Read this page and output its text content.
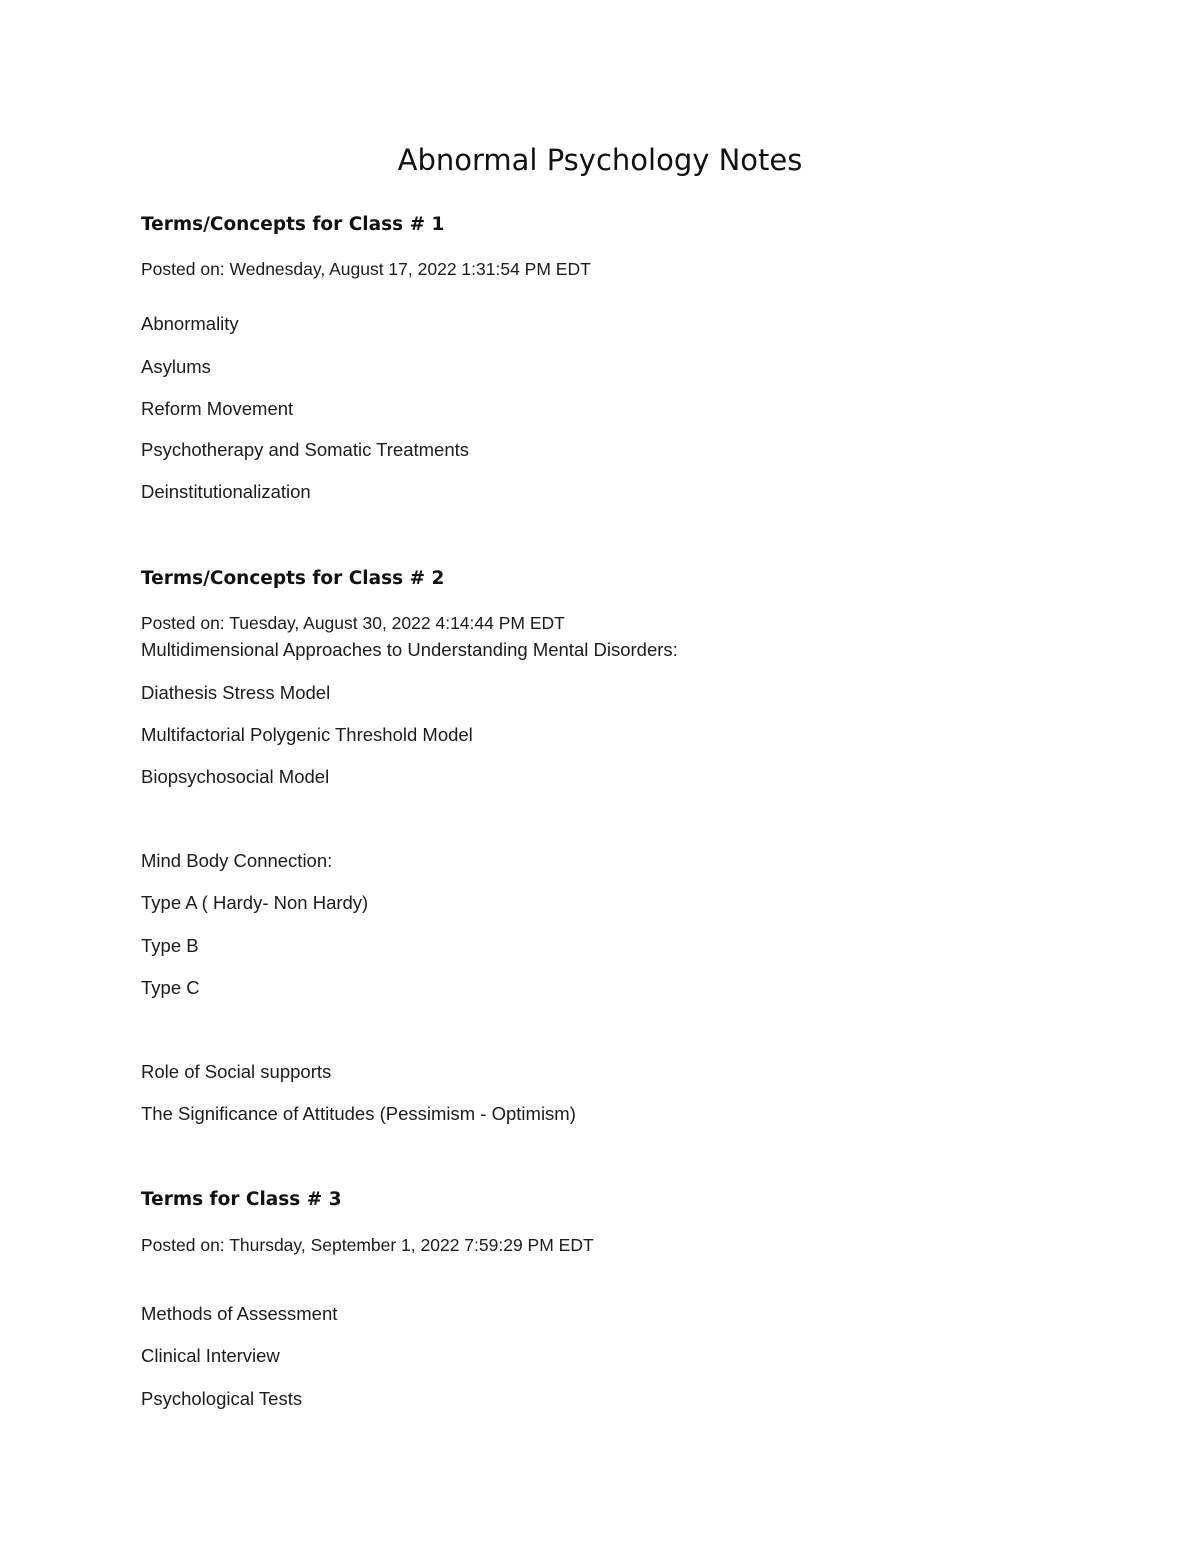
Abnormal Psychology Notes
Terms/Concepts for Class # 1
Posted on: Wednesday, August 17, 2022 1:31:54 PM EDT
Abnormality
Asylums
Reform Movement
Psychotherapy and Somatic Treatments
Deinstitutionalization
Terms/Concepts for Class # 2
Posted on: Tuesday, August 30, 2022 4:14:44 PM EDT
Multidimensional Approaches to Understanding Mental Disorders:
Diathesis Stress Model
Multifactorial Polygenic Threshold Model
Biopsychosocial Model
Mind Body Connection:
Type A ( Hardy- Non Hardy)
Type B
Type C
Role of Social supports
The Significance of Attitudes (Pessimism - Optimism)
Terms for Class # 3
Posted on: Thursday, September 1, 2022 7:59:29 PM EDT
Methods of Assessment
Clinical Interview
Psychological Tests
